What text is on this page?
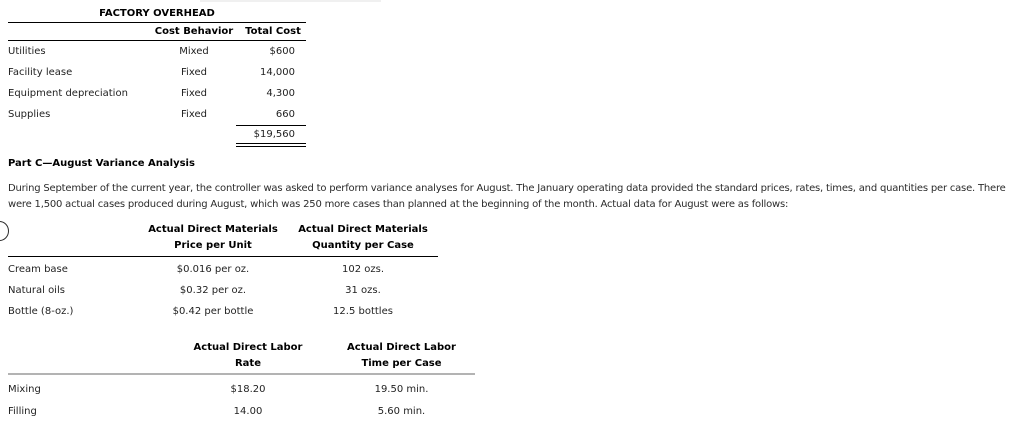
FACTORY OVERHEAD
Cost Behavior	Total Cost
Utilities	Mixed	$600
Facility lease	Fixed	14,000
Equipment depreciation	Fixed	4,300
Supplies	Fixed	660
$19,560
Part C—August Variance Analysis

During September of the current year, the controller was asked to perform variance analyses for August. The January operating data provided the standard prices, rates, times, and quantities per case. There were 1,500 actual cases produced during August, which was 250 more cases than planned at the beginning of the month. Actual data for August were as follows:

Actual Direct Materials
Price per Unit
Actual Direct Materials
Quantity per Case
Cream base	$0.016 per oz.	102 ozs.
Natural oils	$0.32 per oz.	31 ozs.
Bottle (8-oz.)	$0.42 per bottle	12.5 bottles
Actual Direct Labor
Rate
Actual Direct Labor
Time per Case
Mixing	$18.20	19.50 min.
Filling	14.00	5.60 min.
